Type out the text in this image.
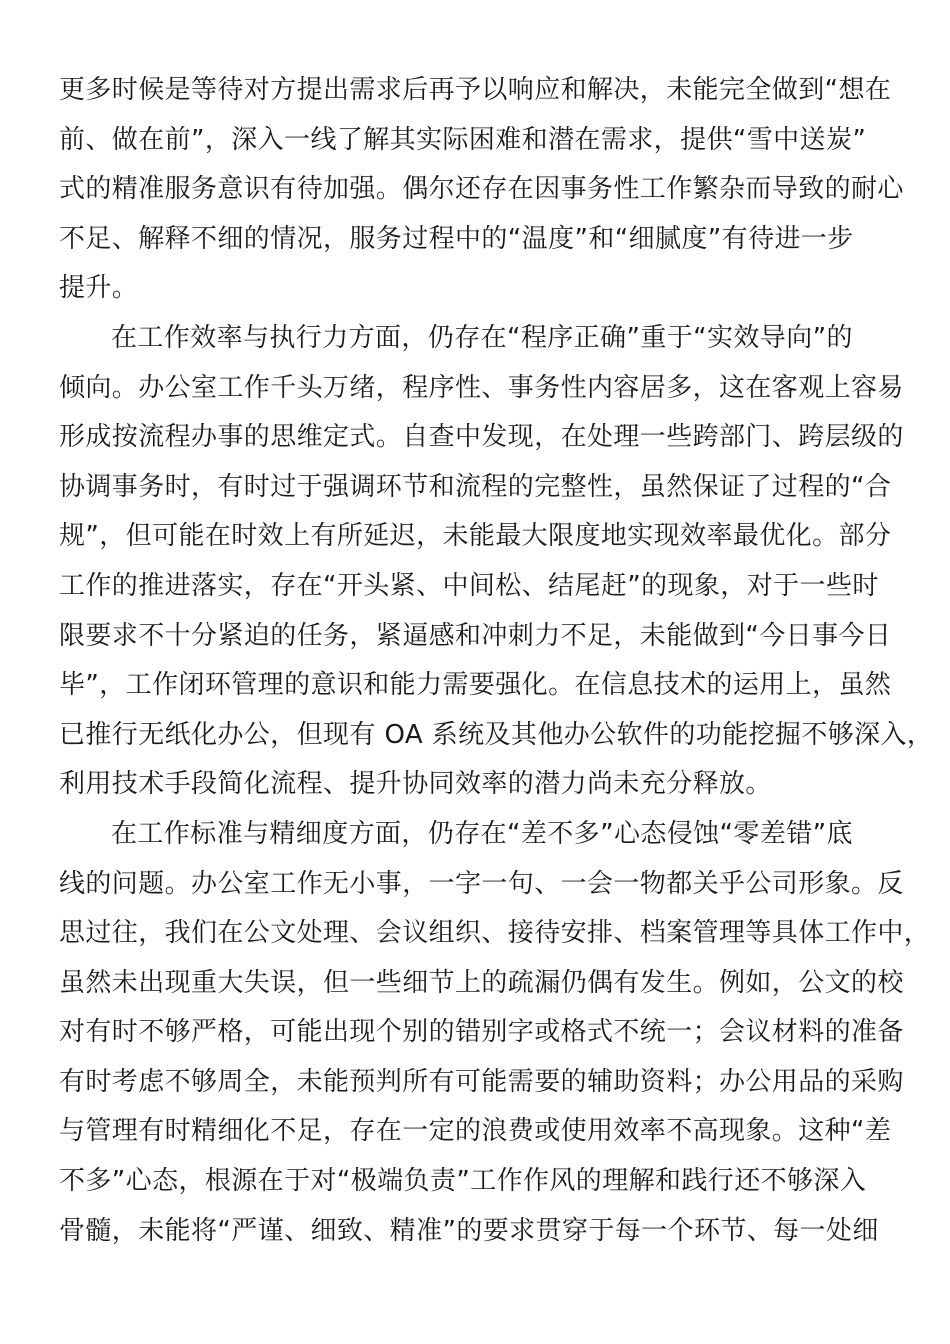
更多时候是等待对方提出需求后再予以响应和解决，未能完全做到“想在
前、做在前”，深入一线了解其实际困难和潜在需求，提供“雪中送炭”
式的精准服务意识有待加强。偶尔还存在因事务性工作繁杂而导致的耐心
不足、解释不细的情况，服务过程中的“温度”和“细腻度”有待进一步
提升。

在工作效率与执行力方面，仍存在“程序正确”重于“实效导向”的
倾向。办公室工作千头万绪，程序性、事务性内容居多，这在客观上容易
形成按流程办事的思维定式。自查中发现，在处理一些跨部门、跨层级的
协调事务时，有时过于强调环节和流程的完整性，虽然保证了过程的“合
规”，但可能在时效上有所延迟，未能最大限度地实现效率最优化。部分
工作的推进落实，存在“开头紧、中间松、结尾赶”的现象，对于一些时
限要求不十分紧迫的任务，紧逼感和冲刺力不足，未能做到“今日事今日
毕”，工作闭环管理的意识和能力需要强化。在信息技术的运用上，虽然
已推行无纸化办公，但现有 OA 系统及其他办公软件的功能挖掘不够深入，
利用技术手段简化流程、提升协同效率的潜力尚未充分释放。

在工作标准与精细度方面，仍存在“差不多”心态侵蚀“零差错”底
线的问题。办公室工作无小事，一字一句、一会一物都关乎公司形象。反
思过往，我们在公文处理、会议组织、接待安排、档案管理等具体工作中，
虽然未出现重大失误，但一些细节上的疏漏仍偶有发生。例如，公文的校
对有时不够严格，可能出现个别的错别字或格式不统一；会议材料的准备
有时考虑不够周全，未能预判所有可能需要的辅助资料；办公用品的采购
与管理有时精细化不足，存在一定的浪费或使用效率不高现象。这种“差
不多”心态，根源在于对“极端负责”工作作风的理解和践行还不够深入
骨髓，未能将“严谨、细致、精准”的要求贯穿于每一个环节、每一处细
